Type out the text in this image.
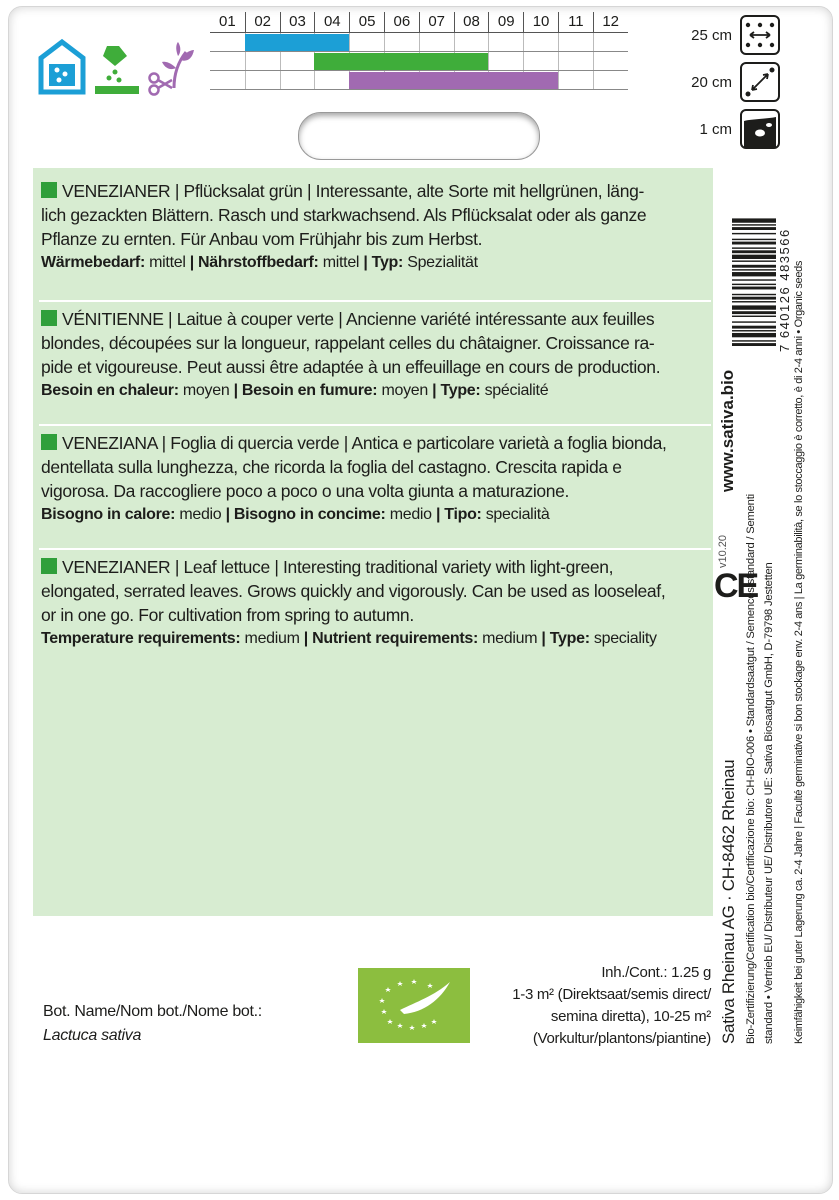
01	02	03	04	05	06	07	08	09	10	11	12
25 cm
20 cm
1 cm
VENEZIANER | Pflücksalat grün | Interessante, alte Sorte mit hellgrünen, läng-
lich gezackten Blättern. Rasch und starkwachsend. Als Pflücksalat oder als ganze
Pflanze zu ernten. Für Anbau vom Frühjahr bis zum Herbst.
Wärmebedarf: mittel | Nährstoffbedarf: mittel | Typ: Spezialität
VÉNITIENNE | Laitue à couper verte | Ancienne variété intéressante aux feuilles
blondes, découpées sur la longueur, rappelant celles du châtaigner. Croissance ra-
pide et vigoureuse. Peut aussi être adaptée à un effeuillage en cours de production.
Besoin en chaleur: moyen | Besoin en fumure: moyen | Type: spécialité
VENEZIANA | Foglia di quercia verde | Antica e particolare varietà a foglia bionda,
dentellata sulla lunghezza, che ricorda la foglia del castagno. Crescita rapida e
vigorosa. Da raccogliere poco a poco o una volta giunta a maturazione.
Bisogno in calore: medio | Bisogno in concime: medio | Tipo: specialità
VENEZIANER | Leaf lettuce | Interesting traditional variety with light-green,
elongated, serrated leaves. Grows quickly and vigorously. Can be used as looseleaf,
or in one go. For cultivation from spring to autumn.
Temperature requirements: medium | Nutrient requirements: medium | Type: speciality
Bot. Name/Nom bot./Nome bot.:
Lactuca sativa
Inh./Cont.: 1.25 g
1-3 m² (Direktsaat/semis direct/
semina diretta), 10-25 m²
(Vorkultur/plantons/piantine) Sativa Rheinau AG · CH-8462 Rheinau Bio-Zertifizierung/Certification bio/Certificazione bio: CH-BIO-006 • Standardsaatgut / Semences standard / Sementi standard • Vertrieb EU/ Distributeur UE/ Distributore UE: Sativa Biosaatgut GmbH, D-79798 Jestetten Keimfähigkeit bei guter Lagerung ca. 2-4 Jahre | Faculté germinative si bon stockage env. 2-4 ans | La germinabilità, se lo stoccaggio è corretto, è di 2-4 anni • Organic seeds
www.sativa.bio
v10.20
CE
7 640126 483566
